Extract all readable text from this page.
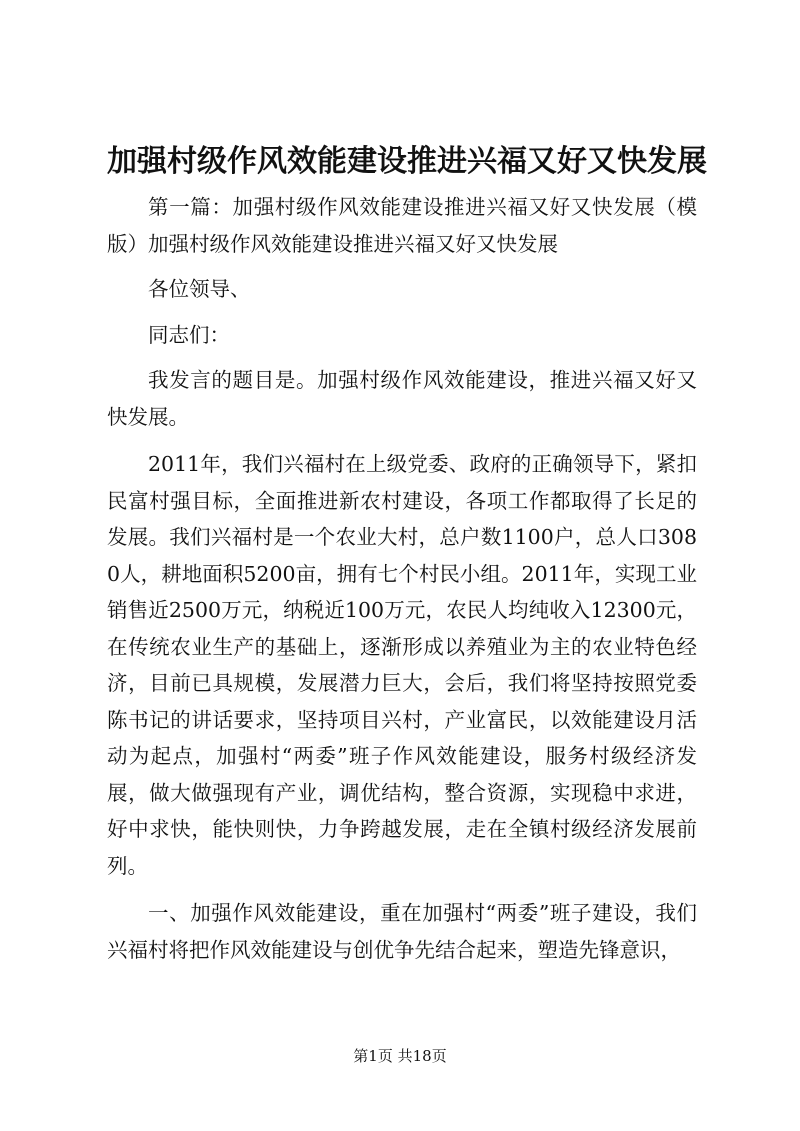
加强村级作风效能建设推进兴福又好又快发展

第一篇：加强村级作风效能建设推进兴福又好又快发展（模版）加强村级作风效能建设推进兴福又好又快发展

各位领导、

同志们：

我发言的题目是。加强村级作风效能建设，推进兴福又好又快发展。

2011年，我们兴福村在上级党委、政府的正确领导下，紧扣民富村强目标，全面推进新农村建设，各项工作都取得了长足的发展。我们兴福村是一个农业大村，总户数1100户，总人口3080人，耕地面积5200亩，拥有七个村民小组。2011年，实现工业销售近2500万元，纳税近100万元，农民人均纯收入12300元，在传统农业生产的基础上，逐渐形成以养殖业为主的农业特色经济，目前已具规模，发展潜力巨大，会后，我们将坚持按照党委陈书记的讲话要求，坚持项目兴村，产业富民，以效能建设月活动为起点，加强村“两委”班子作风效能建设，服务村级经济发展，做大做强现有产业，调优结构，整合资源，实现稳中求进，好中求快，能快则快，力争跨越发展，走在全镇村级经济发展前列。

一、加强作风效能建设，重在加强村“两委”班子建设，我们兴福村将把作风效能建设与创优争先结合起来，塑造先锋意识，

第1页 共18页
